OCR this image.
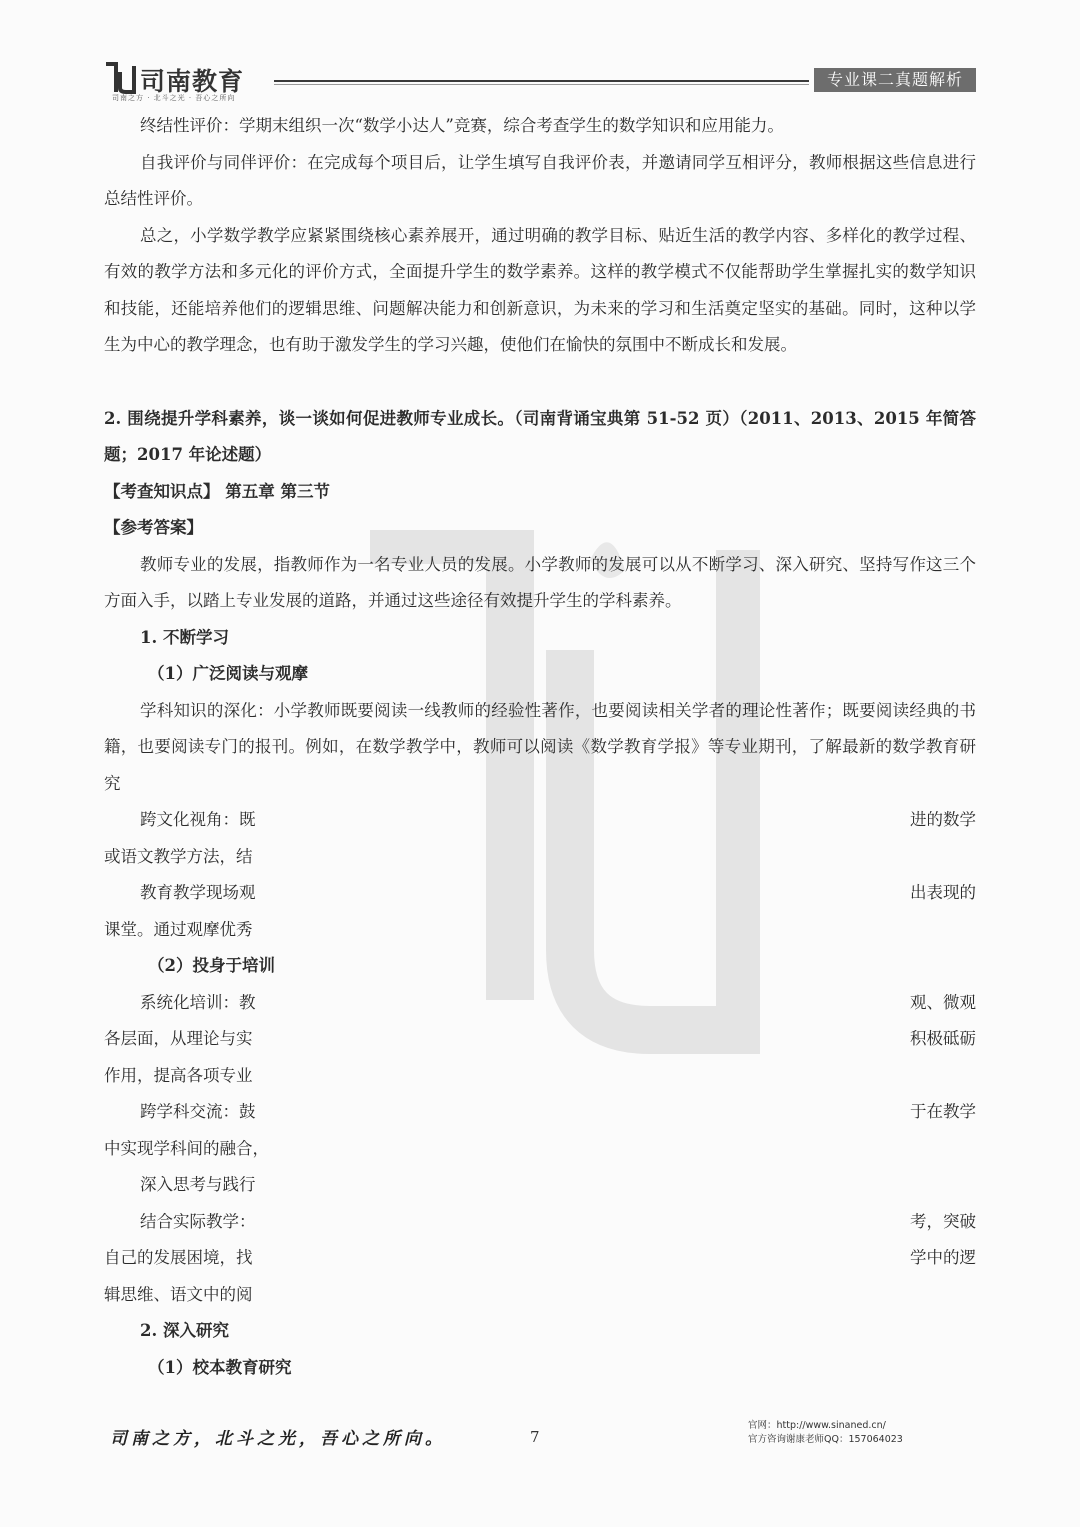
司南教育
司南之方 · 北斗之光 · 吾心之所向
专业课二真题解析

终结性评价：学期末组织一次“数学小达人”竞赛，综合考查学生的数学知识和应用能力。

自我评价与同伴评价：在完成每个项目后，让学生填写自我评价表，并邀请同学互相评分，教师根据这些信息进行总结性评价。

总之，小学数学教学应紧紧围绕核心素养展开，通过明确的教学目标、贴近生活的教学内容、多样化的教学过程、有效的教学方法和多元化的评价方式，全面提升学生的数学素养。这样的教学模式不仅能帮助学生掌握扎实的数学知识和技能，还能培养他们的逻辑思维、问题解决能力和创新意识，为未来的学习和生活奠定坚实的基础。同时，这种以学生为中心的教学理念，也有助于激发学生的学习兴趣，使他们在愉快的氛围中不断成长和发展。

2. 围绕提升学科素养，谈一谈如何促进教师专业成长。（司南背诵宝典第 51-52 页）（2011、2013、2015 年简答题；2017 年论述题）

【考查知识点】 第五章 第三节

【参考答案】

教师专业的发展，指教师作为一名专业人员的发展。小学教师的发展可以从不断学习、深入研究、坚持写作这三个方面入手，以踏上专业发展的道路，并通过这些途径有效提升学生的学科素养。

1. 不断学习

（1）广泛阅读与观摩

学科知识的深化：小学教师既要阅读一线教师的经验性著作，也要阅读相关学者的理论性著作；既要阅读经典的书籍，也要阅读专门的报刊。例如，在数学教学中，教师可以阅读《数学教育学报》等专业期刊，了解最新的数学教育研究

跨文化视角：既	进的数学

或语文教学方法，结

教育教学现场观	出表现的

课堂。通过观摩优秀

（2）投身于培训

系统化培训：教	观、微观

各层面，从理论与实	积极砥砺

作用，提高各项专业

跨学科交流：鼓	于在教学

中实现学科间的融合，

深入思考与践行

结合实际教学：	考，突破

自己的发展困境，找	学中的逻

辑思维、语文中的阅

2. 深入研究

（1）校本教育研究

司南之方，北斗之光，吾心之所向。	7
官网：http://www.sinaned.cn/
官方咨询谢康老师QQ：157064023
